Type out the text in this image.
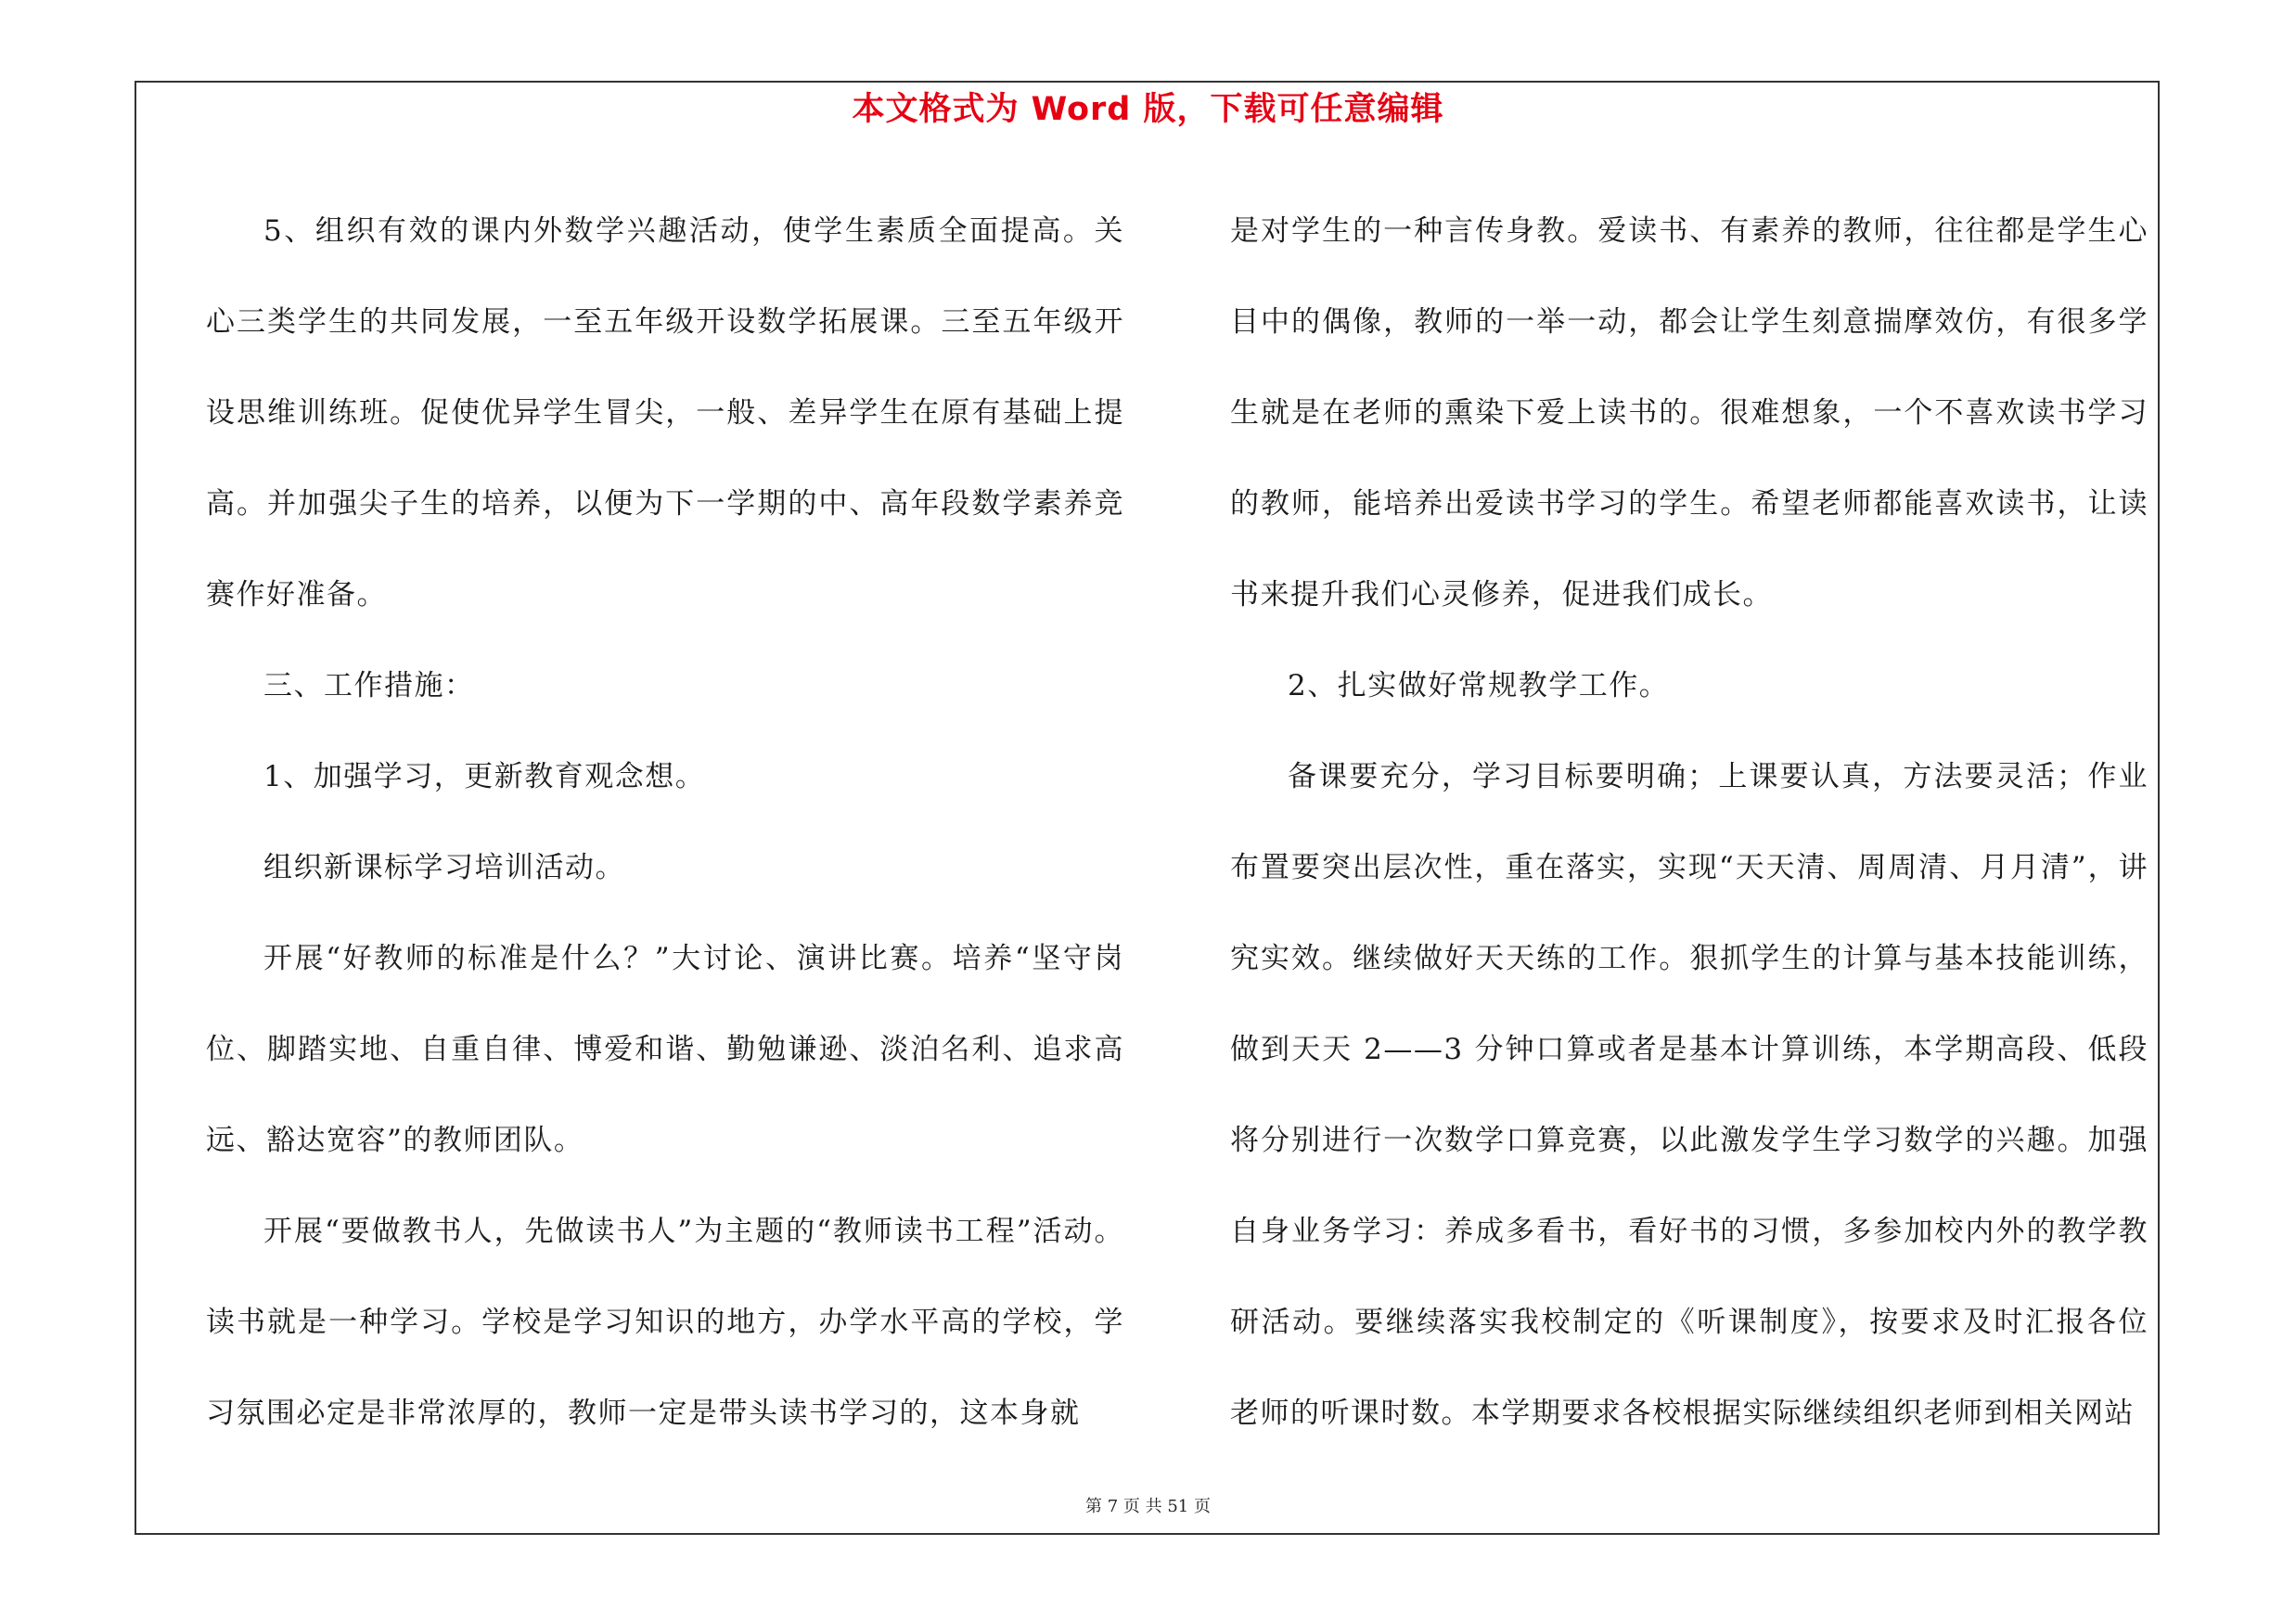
本文格式为 Word 版，下载可任意编辑

5、组织有效的课内外数学兴趣活动，使学生素质全面提高。关心三类学生的共同发展，一至五年级开设数学拓展课。三至五年级开设思维训练班。促使优异学生冒尖，一般、差异学生在原有基础上提高。并加强尖子生的培养，以便为下一学期的中、高年段数学素养竞赛作好准备。

三、工作措施：

1、加强学习，更新教育观念想。

组织新课标学习培训活动。

开展“好教师的标准是什么？”大讨论、演讲比赛。培养“坚守岗位、脚踏实地、自重自律、博爱和谐、勤勉谦逊、淡泊名利、追求高远、豁达宽容”的教师团队。

开展“要做教书人，先做读书人”为主题的“教师读书工程”活动。读书就是一种学习。学校是学习知识的地方，办学水平高的学校，学习氛围必定是非常浓厚的，教师一定是带头读书学习的，这本身就

是对学生的一种言传身教。爱读书、有素养的教师，往往都是学生心目中的偶像，教师的一举一动，都会让学生刻意揣摩效仿，有很多学生就是在老师的熏染下爱上读书的。很难想象，一个不喜欢读书学习的教师，能培养出爱读书学习的学生。希望老师都能喜欢读书，让读书来提升我们心灵修养，促进我们成长。

2、扎实做好常规教学工作。

备课要充分，学习目标要明确；上课要认真，方法要灵活；作业布置要突出层次性，重在落实，实现“天天清、周周清、月月清”，讲究实效。继续做好天天练的工作。狠抓学生的计算与基本技能训练，做到天天 2——3 分钟口算或者是基本计算训练，本学期高段、低段将分别进行一次数学口算竞赛，以此激发学生学习数学的兴趣。加强自身业务学习：养成多看书，看好书的习惯，多参加校内外的教学教研活动。要继续落实我校制定的《听课制度》，按要求及时汇报各位老师的听课时数。本学期要求各校根据实际继续组织老师到相关网站

第 7 页 共 51 页
